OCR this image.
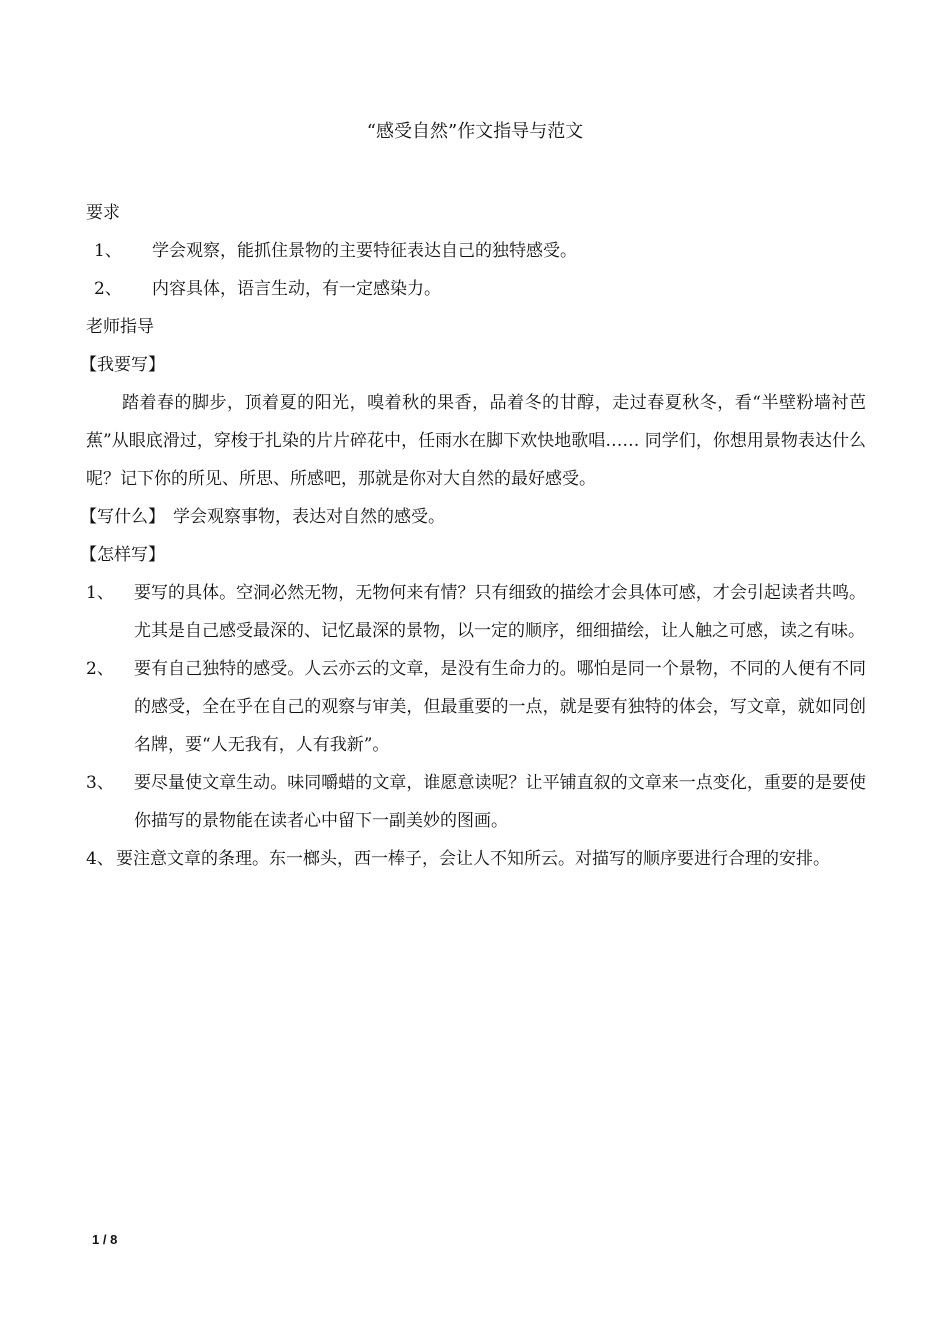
“感受自然”作文指导与范文
要求
1、	学会观察，能抓住景物的主要特征表达自己的独特感受。
2、	内容具体，语言生动，有一定感染力。
老师指导
【我要写】
踏着春的脚步，顶着夏的阳光，嗅着秋的果香，品着冬的甘醇，走过春夏秋冬，看“半壁粉墙衬芭蕉”从眼底滑过，穿梭于扎染的片片碎花中，任雨水在脚下欢快地歌唱…… 同学们，你想用景物表达什么呢？记下你的所见、所思、所感吧，那就是你对大自然的最好感受。
【写什么】 学会观察事物，表达对自然的感受。
【怎样写】
1、	要写的具体。空洞必然无物，无物何来有情？只有细致的描绘才会具体可感，才会引起读者共鸣。尤其是自己感受最深的、记忆最深的景物，以一定的顺序，细细描绘，让人触之可感，读之有味。
2、	要有自己独特的感受。人云亦云的文章，是没有生命力的。哪怕是同一个景物，不同的人便有不同的感受，全在乎在自己的观察与审美，但最重要的一点，就是要有独特的体会，写文章，就如同创名牌，要“人无我有，人有我新”。
3、	要尽量使文章生动。味同嚼蜡的文章，谁愿意读呢？让平铺直叙的文章来一点变化，重要的是要使你描写的景物能在读者心中留下一副美妙的图画。
4、 要注意文章的条理。东一榔头，西一棒子，会让人不知所云。对描写的顺序要进行合理的安排。
1 / 8
